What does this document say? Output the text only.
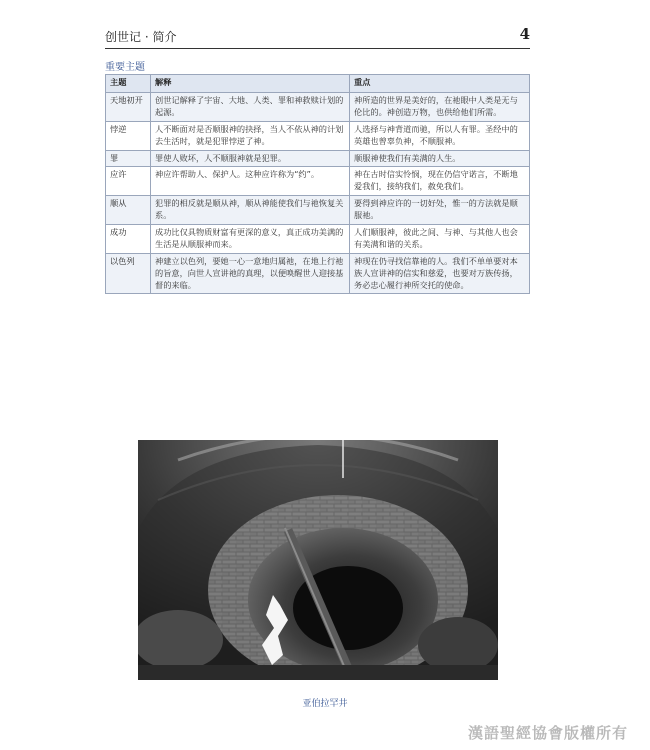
创世记 · 简介	4
重要主题
主题	解释	重点
天地初开	创世记解释了宇宙、大地、人类、罪和神救赎计划的起源。	神所造的世界是美好的，在祂眼中人类是无与伦比的。神创造万物，也供给他们所需。
悖逆	人不断面对是否顺服神的抉择，当人不依从神的计划去生活时，就是犯罪悖逆了神。	人选择与神背道而驰，所以人有罪。圣经中的英雄也曾辜负神，不顺服神。
罪	罪使人败坏，人不顺服神就是犯罪。	顺服神使我们有美满的人生。
应许	神应许帮助人、保护人。这种应许称为“约”。	神在古时信实怜悯，现在仍信守诺言，不断地爱我们，接纳我们，赦免我们。
顺从	犯罪的相反就是顺从神，顺从神能使我们与祂恢复关系。	要得到神应许的一切好处，惟一的方法就是顺服祂。
成功	成功比仅具物质财富有更深的意义，真正成功美满的生活是从顺服神而来。	人们顺服神，彼此之间、与神、与其他人也会有美满和谐的关系。
以色列	神建立以色列，要她一心一意地归属祂，在地上行祂的旨意，向世人宣讲祂的真理，以便唤醒世人迎接基督的来临。	神现在仍寻找信靠祂的人。我们不单单要对本族人宣讲神的信实和慈爱，也要对万族传扬，务必忠心履行神所交托的使命。
亚伯拉罕井
漢語聖經協會版權所有
